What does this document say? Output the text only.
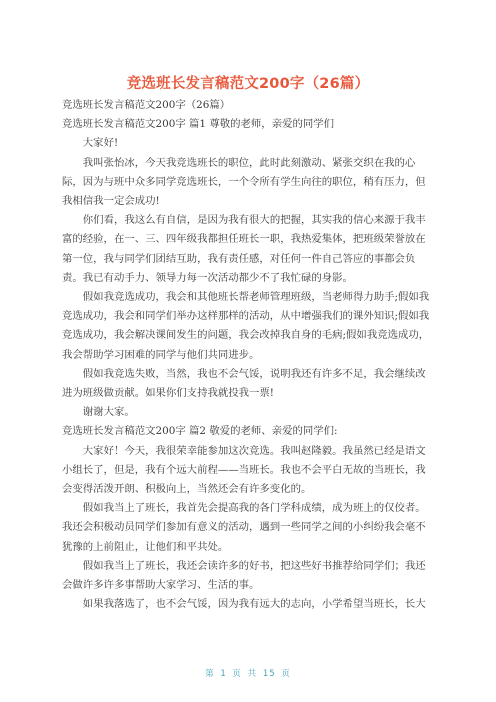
竞选班长发言稿范文200字（26篇）

竞选班长发言稿范文200字（26篇）

竞选班长发言稿范文200字 篇1 尊敬的老师，亲爱的同学们

大家好!

我叫张怡冰，今天我竞选班长的职位，此时此刻激动、紧张交织在我的心际，因为与班中众多同学竞选班长，一个令所有学生向往的职位，稍有压力，但我相信我一定会成功!

你们看，我这么有自信，是因为我有很大的把握，其实我的信心来源于我丰富的经验，在一、三、四年级我都担任班长一职，我热爱集体，把班级荣誉放在第一位，我与同学们团结互助，我有责任感，对任何一件自己答应的事都会负责。我已有动手力、领导力每一次活动都少不了我忙碌的身影。

假如我竞选成功，我会和其他班长帮老师管理班级，当老师得力助手;假如我竞选成功，我会和同学们举办这样那样的活动，从中增强我们的课外知识;假如我竞选成功，我会解决课间发生的问题，我会改掉我自身的毛病;假如我竞选成功，我会帮助学习困难的同学与他们共同进步。

假如我竞选失败，当然，我也不会气馁，说明我还有许多不足，我会继续改进为班级做贡献。如果你们支持我就投我一票!

谢谢大家。

竞选班长发言稿范文200字 篇2 敬爱的老师、亲爱的同学们:

大家好！今天，我很荣幸能参加这次竞选。我叫赵隆毅。我虽然已经是语文小组长了，但是，我有个远大前程——当班长。我也不会平白无故的当班长，我会变得活泼开朗、积极向上，当然还会有许多变化的。

假如我当上了班长，我首先会提高我的各门学科成绩，成为班上的仅佼者。我还会积极动员同学们参加有意义的活动，遇到一些同学之间的小纠纷我会毫不犹豫的上前阻止，让他们和平共处。

假如我当上了班长，我还会读许多的好书，把这些好书推荐给同学们；我还会做许多许多事帮助大家学习、生活的事。

如果我落选了，也不会气馁，因为我有远大的志向，小学希望当班长，长大

第 1 页 共 15 页
